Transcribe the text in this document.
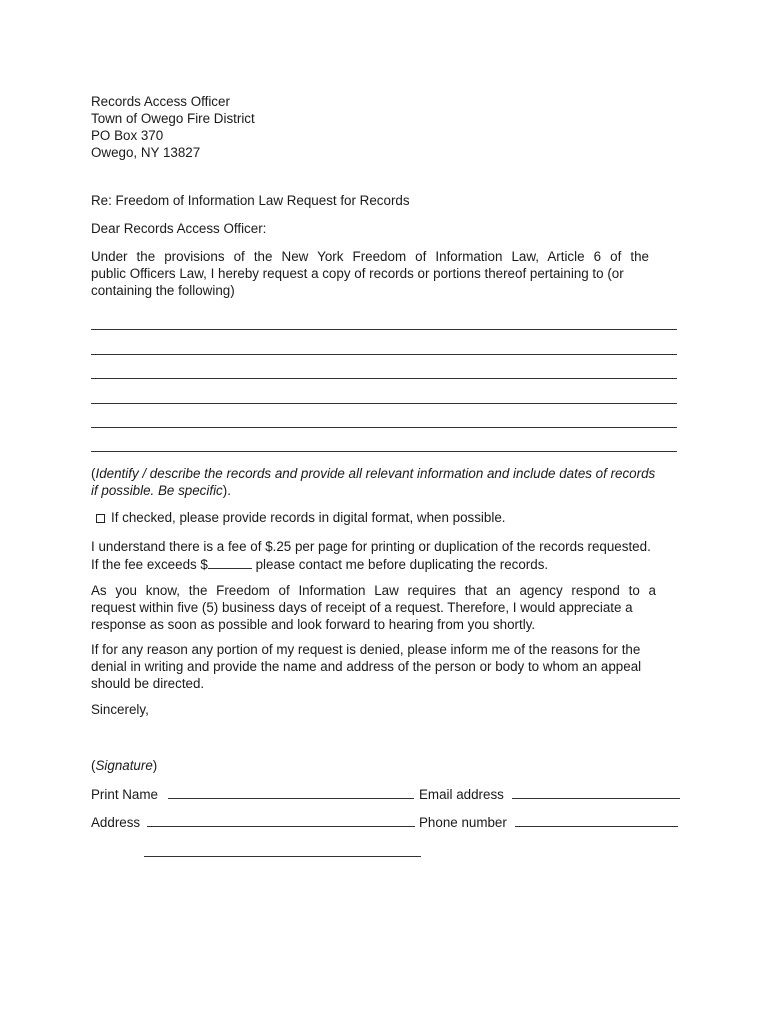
Records Access Officer
Town of Owego Fire District
PO Box 370
Owego, NY 13827
Re: Freedom of Information Law Request for Records
Dear Records Access Officer:
Under the provisions of the New York Freedom of Information Law, Article 6 of the
public Officers Law, I hereby request a copy of records or portions thereof pertaining to (or
containing the following)
(Identify / describe the records and provide all relevant information and include dates of records
if possible. Be specific).
If checked, please provide records in digital format, when possible.
I understand there is a fee of $.25 per page for printing or duplication of the records requested.
If the fee exceeds $	please contact me before duplicating the records.
As you know, the Freedom of Information Law requires that an agency respond to a
request within five (5) business days of receipt of a request. Therefore, I would appreciate a
response as soon as possible and look forward to hearing from you shortly.
If for any reason any portion of my request is denied, please inform me of the reasons for the
denial in writing and provide the name and address of the person or body to whom an appeal
should be directed.
Sincerely,
(Signature)
Print Name	Email address
Address	Phone number
